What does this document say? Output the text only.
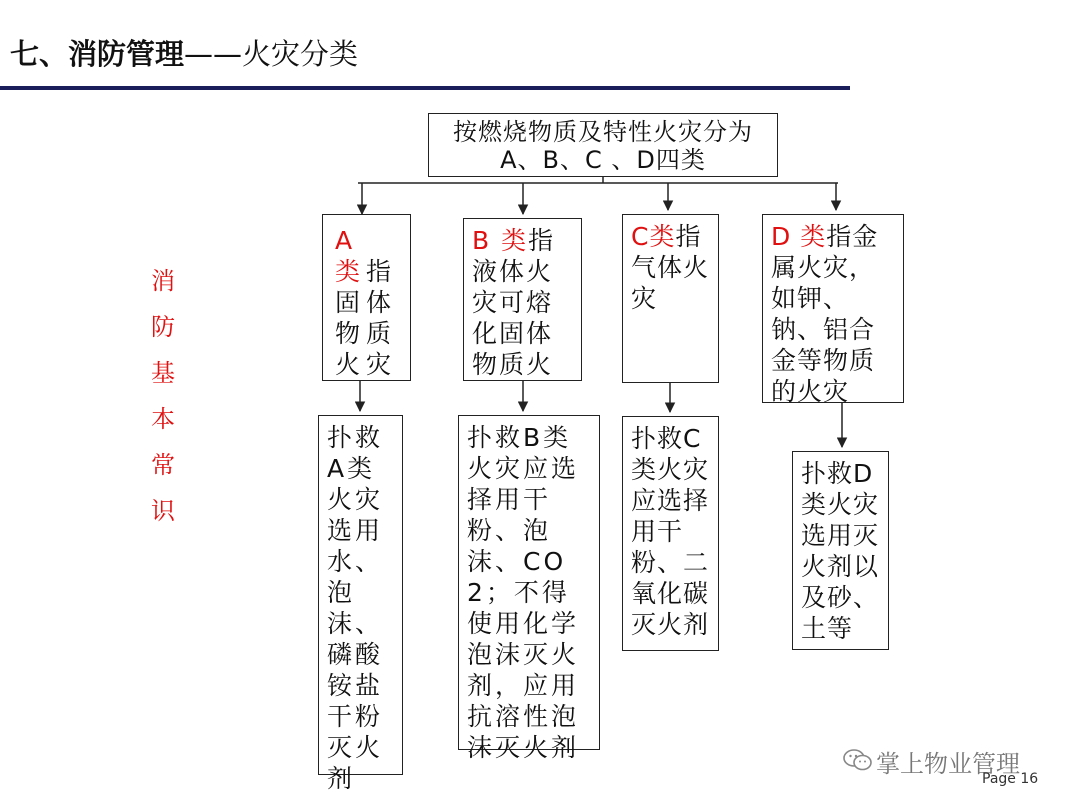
七、消防管理——火灾分类
消防基本常识
按燃烧物质及特性火灾分为
A、B、C 、D四类
A 类指固体物质火灾
B 类指液体火灾可熔化固体物质火
C类指气体火灾
D 类指金属火灾，如钾、钠、铝合金等物质的火灾
扑救A类火灾选用水、泡沫、磷酸铵盐干粉灭火剂
扑救B类火灾应选择用干粉、泡沫、CO2；不得使用化学泡沫灭火剂，应用抗溶性泡沫灭火剂
扑救C类火灾应选择用干粉、二氧化碳灭火剂
扑救D类火灾选用灭火剂以及砂、土等
掌上物业管理
Page 16
